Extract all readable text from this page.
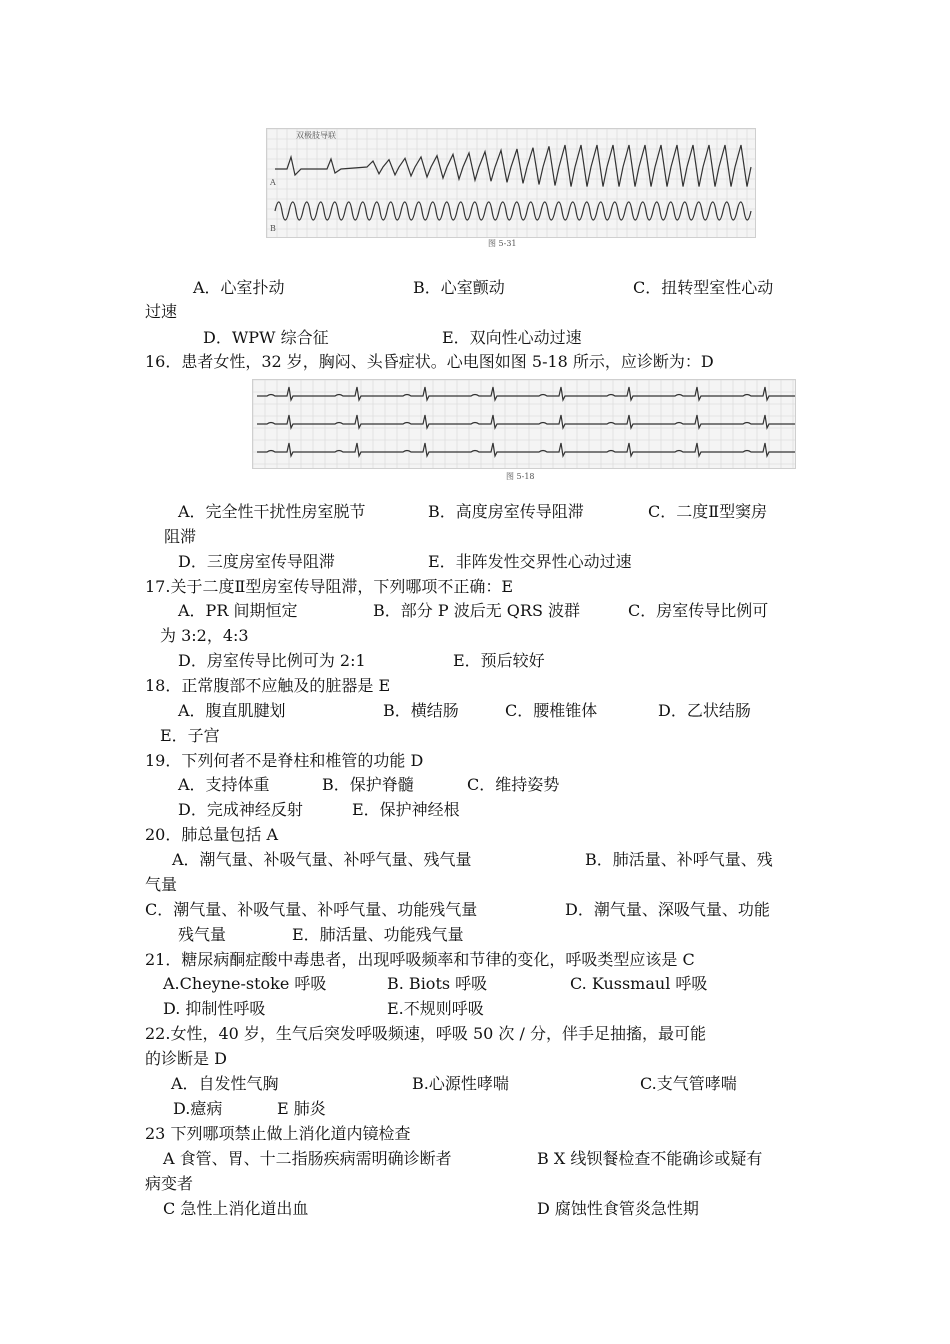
双极肢导联
A
B
图 5-31
A．心室扑动	B．心室颤动	C．扭转型室性心动
过速
D．WPW 综合征	E．双向性心动过速
16．患者女性，32 岁，胸闷、头昏症状。心电图如图 5-18 所示，应诊断为：D
图 5-18
A．完全性干扰性房室脱节	B．高度房室传导阻滞	C．二度Ⅱ型窦房
阻滞
D．三度房室传导阻滞	E．非阵发性交界性心动过速
17.关于二度Ⅱ型房室传导阻滞，下列哪项不正确：E
A．PR 间期恒定	B．部分 P 波后无 QRS 波群	C．房室传导比例可
为 3:2，4:3
D．房室传导比例可为 2:1	E．预后较好
18．正常腹部不应触及的脏器是 E
A．腹直肌腱划	B．横结肠	C．腰椎锥体	D．乙状结肠
E．子宫
19．下列何者不是脊柱和椎管的功能 D
A．支持体重	B．保护脊髓	C．维持姿势
D．完成神经反射	E．保护神经根
20．肺总量包括 A
A．潮气量、补吸气量、补呼气量、残气量	B．肺活量、补呼气量、残
气量
C．潮气量、补吸气量、补呼气量、功能残气量	D．潮气量、深吸气量、功能
残气量	E．肺活量、功能残气量
21．糖尿病酮症酸中毒患者，出现呼吸频率和节律的变化，呼吸类型应该是 C
A.Cheyne-stoke 呼吸	B. Biots 呼吸	C. Kussmaul 呼吸
D. 抑制性呼吸	E.不规则呼吸
22.女性，40 岁，生气后突发呼吸频速，呼吸 50 次 / 分，伴手足抽搐，最可能
的诊断是 D
A．自发性气胸	B.心源性哮喘	C.支气管哮喘
D.癔病	E 肺炎
23 下列哪项禁止做上消化道内镜检查
A 食管、胃、十二指肠疾病需明确诊断者	B X 线钡餐检查不能确诊或疑有
病变者
C 急性上消化道出血	D 腐蚀性食管炎急性期
